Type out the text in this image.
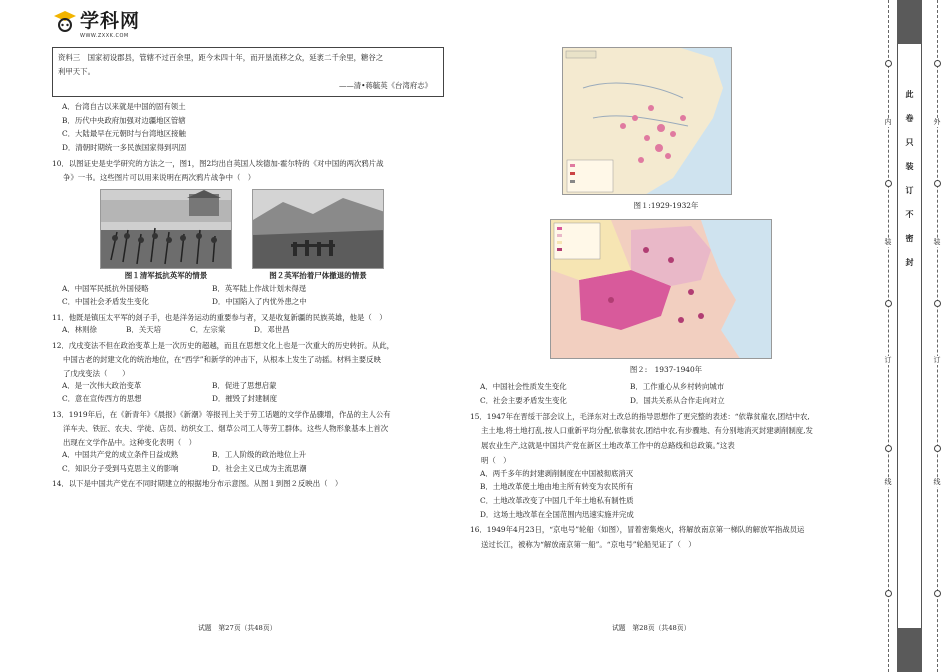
学科网
WWW.ZXXK.COM
资料三　国家初设郡县，管辖不过百余里，距今未四十年，而开垦流移之众，延袤二千余里，糖谷之
利甲天下。
——清•蒋毓英《台湾府志》
A．台湾自古以来就是中国的固有领土
B．历代中央政府加强对边疆地区管辖
C．大陆最早在元朝时与台湾地区接触
D．清朝时期统一多民族国家得到巩固
10．以图证史是史学研究的方法之一，图1，图2均出自英国人埃德加·霍尔特的《对中国的两次鸦片战
争》一书。这些图片可以用来说明在两次鸦片战争中（　）
图１清军抵抗英军的情景	图２英军抬着尸体撤退的情景
A．中国军民抵抗外国侵略	B．英军陆上作战计划未得逞
C．中国社会矛盾发生变化	D．中国陷入了内忧外患之中
11．他既是镇压太平军的刽子手，也是洋务运动的重要参与者，又是收复新疆的民族英雄，他是（　）
A．林则徐	B．关天培	C．左宗棠	D．邓世昌
12．戊戌变法不但在政治变革上是一次历史的超越，而且在思想文化上也是一次重大的历史转折。从此，
中国古老的封建文化的统治地位，在“西学”和新学的冲击下，从根本上发生了动摇。材料主要反映
了戊戌变法（　　）
A．是一次伟大政治变革	B．促进了思想启蒙
C．意在宣传西方的思想	D．摧毁了封建制度
13．1919年后，在《新青年》《晨报》《新潮》等报刊上关于劳工话题的文学作品骤增，作品的主人公有
洋车夫、铁匠、农夫、学徒、店员、纺织女工、烟草公司工人等劳工群体。这些人物形象基本上首次
出现在文学作品中。这种变化表明（　）
A．中国共产党的成立条件日益成熟	B．工人阶级的政治地位上升
C．知识分子受到马克思主义的影响	D．社会主义已成为主流思潮
14．以下是中国共产党在不同时期建立的根据地分布示意图。从图１到图２反映出（　）
图１:1929-1932年
图２:　1937-1940年
A．中国社会性质发生变化	B．工作重心从乡村转向城市
C．社会主要矛盾发生变化	D．国共关系从合作走向对立
15．1947年在晋绥干部会议上，毛泽东对土改总的指导思想作了更完整的表述：“依靠贫雇农,团结中农,
主土地,将土地打乱,按人口重新平均分配,依靠贫农,团结中农,有步骤地、有分别地消灭封建剥削制度,发
展农业生产,这就是中国共产党在新区土地改革工作中的总路线和总政策。”这表
明（　）
A．两千多年的封建剥削制度在中国被彻底消灭
B．土地改革使土地由地主所有转变为农民所有
C．土地改革改变了中国几千年土地私有制性质
D．这场土地改革在全国范围内迅速实施并完成
16．1949年4月23日，“京电号”轮船（如图），冒着密集炮火，将解放南京第一梯队的解放军指战员运
送过长江，被称为“解放南京第一船”。“京电号”轮船见证了（　）
试题　第27页（共48页）	试题　第28页（共48页）
此
卷
只
装
订
不
密
封
内
装
订
线
外
装
订
线
